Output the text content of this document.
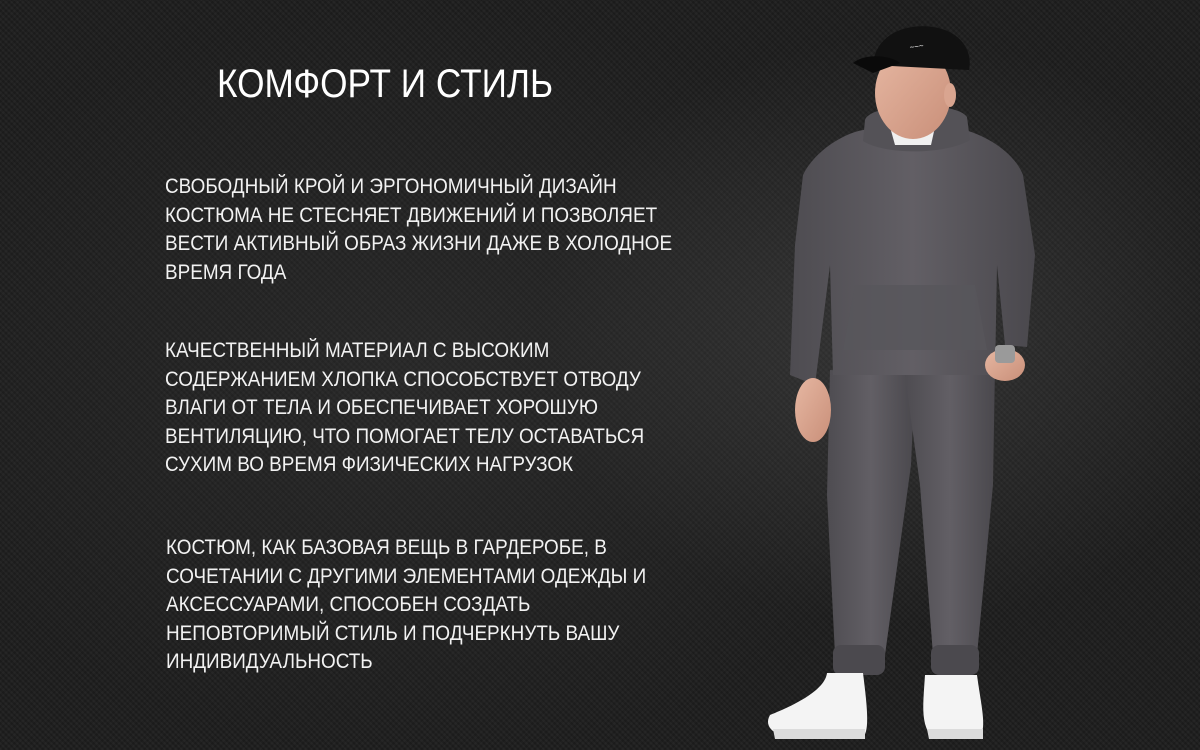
КОМФОРТ И СТИЛЬ
СВОБОДНЫЙ КРОЙ И ЭРГОНОМИЧНЫЙ ДИЗАЙН
КОСТЮМА НЕ СТЕСНЯЕТ ДВИЖЕНИЙ И ПОЗВОЛЯЕТ
ВЕСТИ АКТИВНЫЙ ОБРАЗ ЖИЗНИ ДАЖЕ В ХОЛОДНОЕ
ВРЕМЯ ГОДА
КАЧЕСТВЕННЫЙ МАТЕРИАЛ С ВЫСОКИМ
СОДЕРЖАНИЕМ ХЛОПКА СПОСОБСТВУЕТ ОТВОДУ
ВЛАГИ ОТ ТЕЛА И ОБЕСПЕЧИВАЕТ ХОРОШУЮ
ВЕНТИЛЯЦИЮ, ЧТО ПОМОГАЕТ ТЕЛУ ОСТАВАТЬСЯ
СУХИМ ВО ВРЕМЯ ФИЗИЧЕСКИХ НАГРУЗОК
КОСТЮМ, КАК БАЗОВАЯ ВЕЩЬ В ГАРДЕРОБЕ, В
СОЧЕТАНИИ С ДРУГИМИ ЭЛЕМЕНТАМИ ОДЕЖДЫ И
АКСЕССУАРАМИ, СПОСОБЕН СОЗДАТЬ
НЕПОВТОРИМЫЙ СТИЛЬ И ПОДЧЕРКНУТЬ ВАШУ
ИНДИВИДУАЛЬНОСТЬ
~~~
